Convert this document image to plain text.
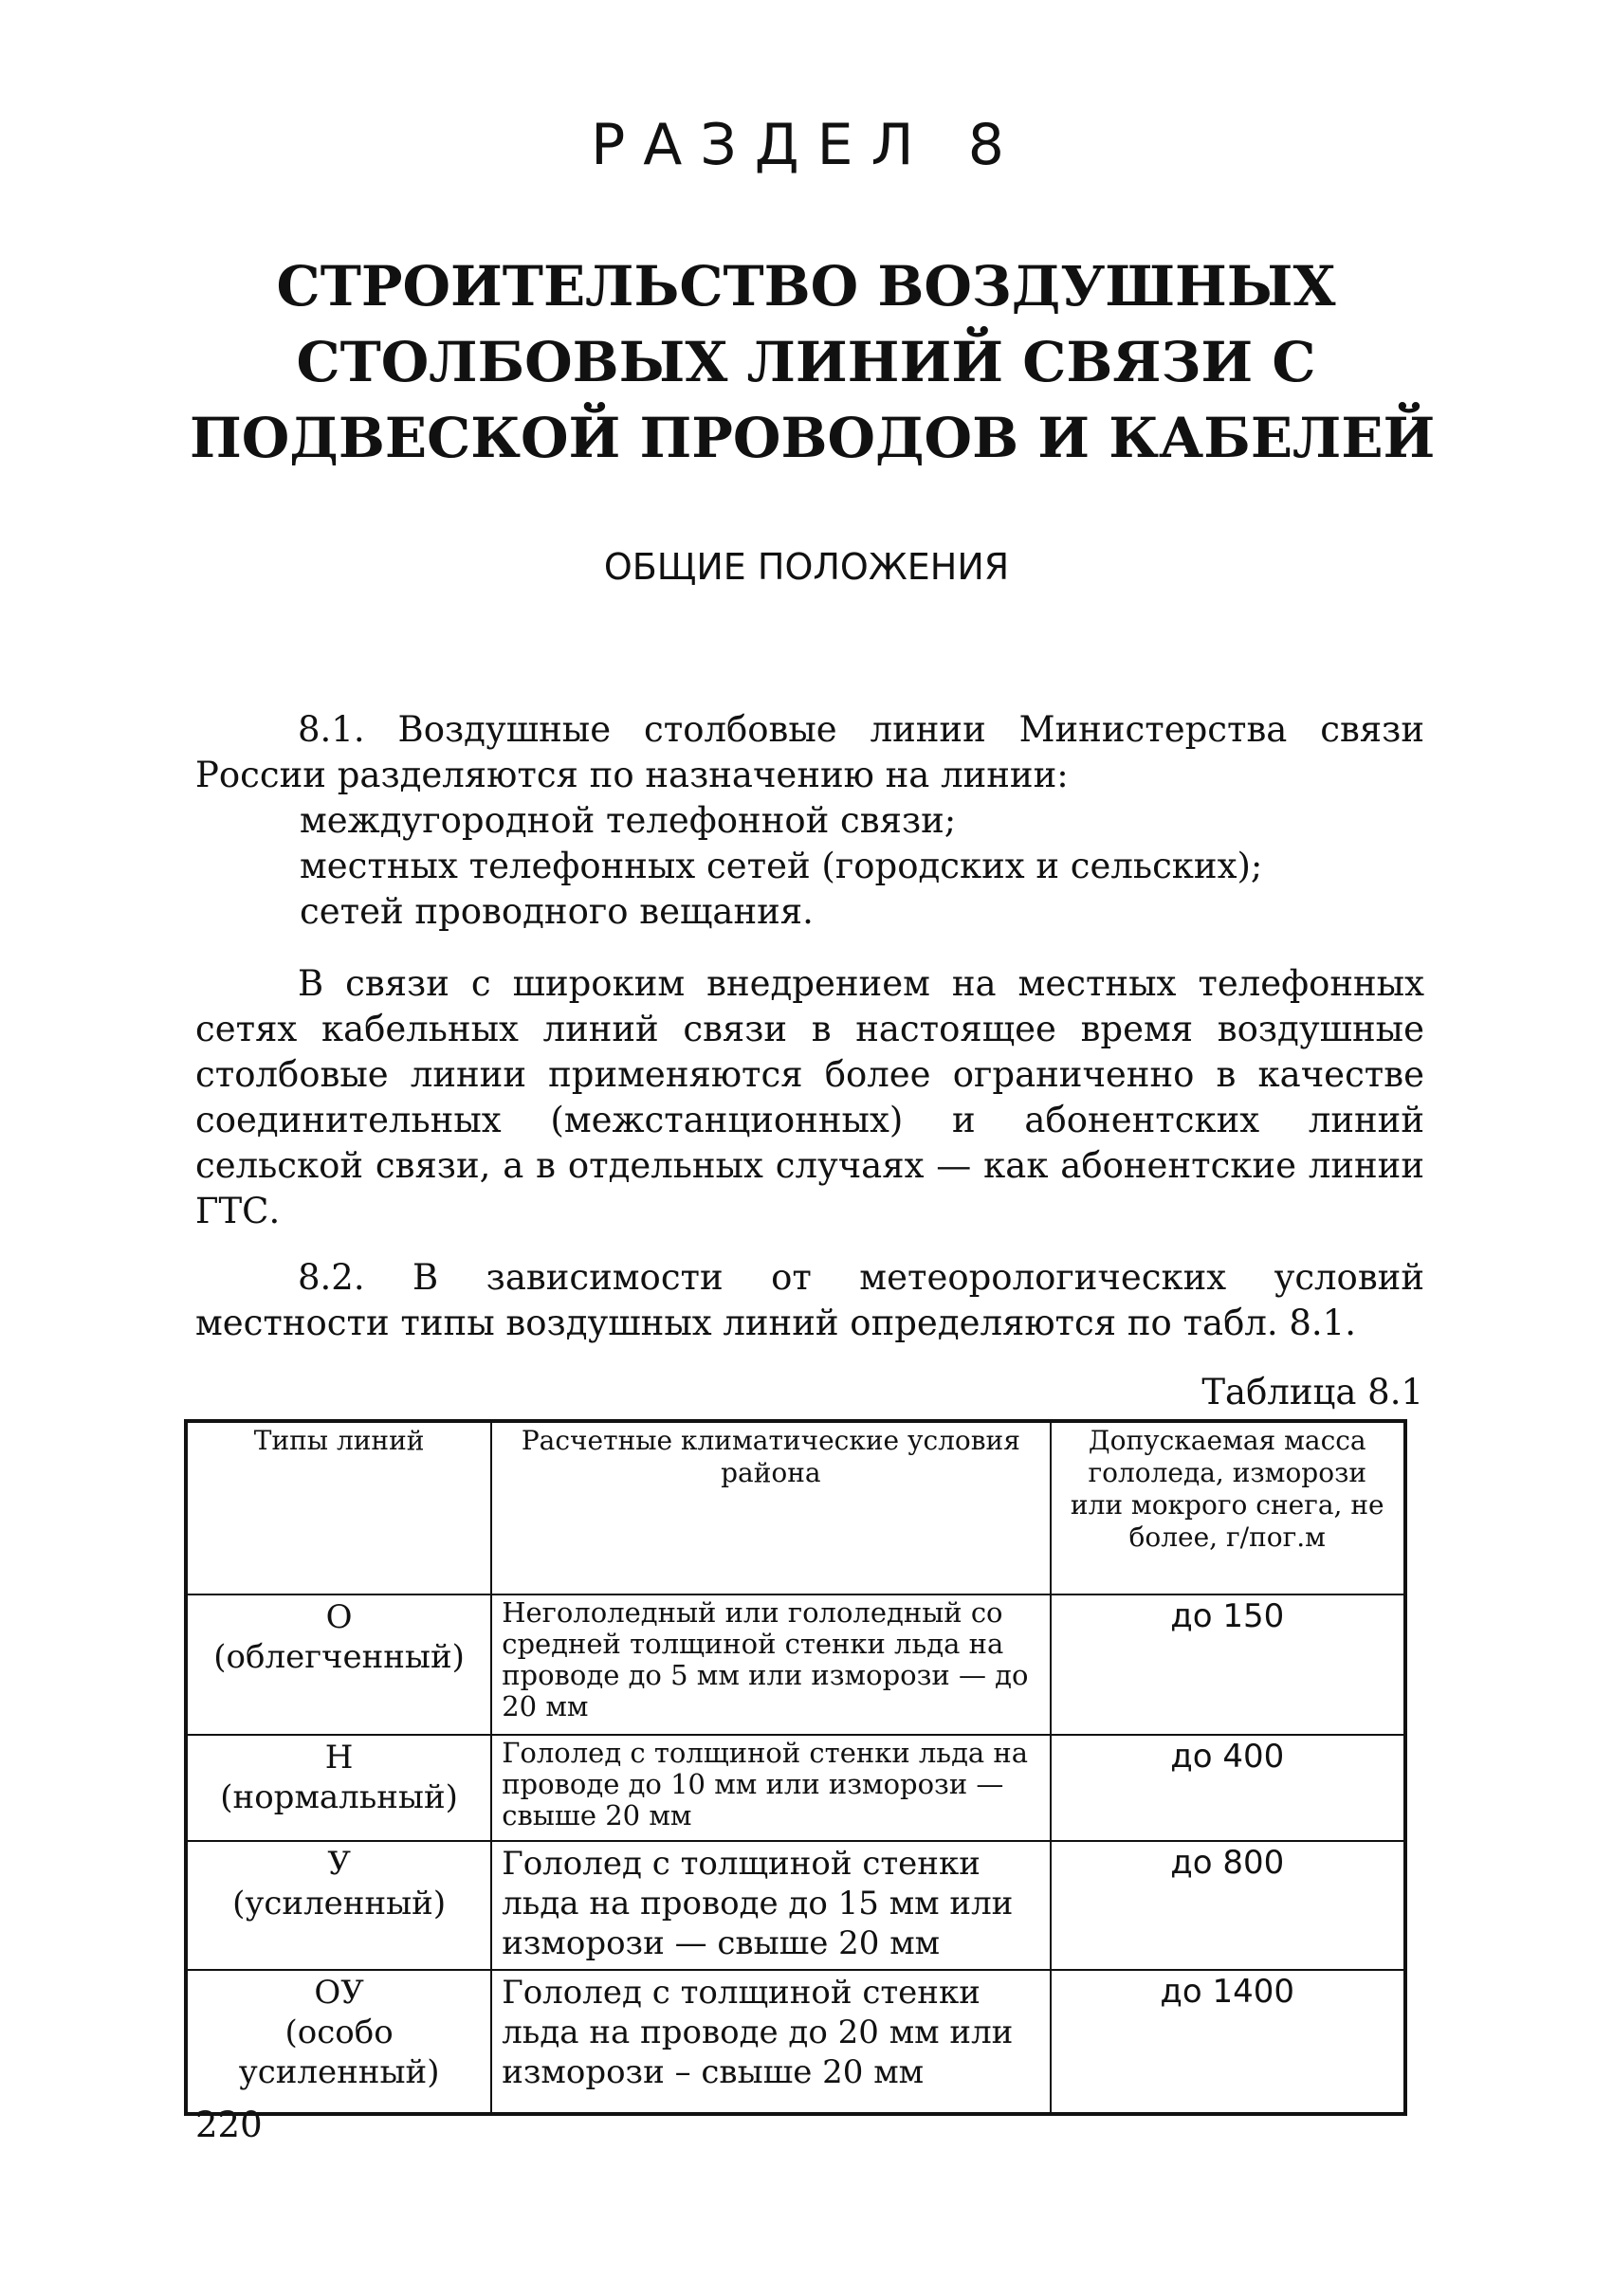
РАЗДЕЛ 8
СТРОИТЕЛЬСТВО ВОЗДУШНЫХ
СТОЛБОВЫХ ЛИНИЙ СВЯЗИ С
ПОДВЕСКОЙ ПРОВОДОВ И КАБЕЛЕЙ
ОБЩИЕ ПОЛОЖЕНИЯ
8.1. Воздушные столбовые линии Министерства связи России разделяются по назначению на линии:
междугородной телефонной связи;
местных телефонных сетей (городских и сельских);
сетей проводного вещания.
В связи с широким внедрением на местных телефонных сетях кабельных линий связи в настоящее время воздушные столбовые линии применяются более ограниченно в качестве соединительных (межстанционных) и абонентских линий сельской связи, а в отдельных случаях — как абонентские линии ГТС.
8.2. В зависимости от метеорологических условий местности типы воздушных линий определяются по табл. 8.1.
Таблица 8.1
Типы линий	Расчетные климатические условия района	Допускаемая масса гололеда, изморози или мокрого снега, не более, г/пог.м

О
(облегченный)	Негололедный или гололедный со средней толщиной стенки льда на проводе до 5 мм или изморози — до 20 мм	до 150

Н
(нормальный)	Гололед с толщиной стенки льда на проводе до 10 мм или изморози — свыше 20 мм	до 400

У
(усиленный)	Гололед с толщиной стенки льда на проводе до 15 мм или изморози — свыше 20 мм	до 800

ОУ
(особо усиленный)	Гололед с толщиной стенки льда на проводе до 20 мм или изморози – свыше 20 мм	до 1400
220
